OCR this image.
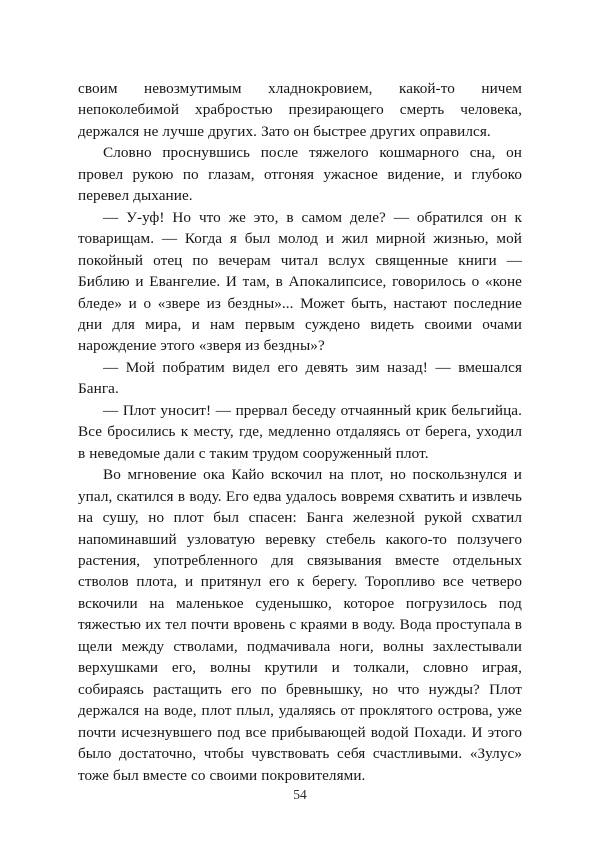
своим невозмутимым хладнокровием, какой-то ничем непоколебимой храбростью презирающего смерть человека, держался не лучше других. Зато он быстрее других оправился.

Словно проснувшись после тяжелого кошмарного сна, он провел рукою по глазам, отгоняя ужасное видение, и глубоко перевел дыхание.

— У-уф! Но что же это, в самом деле? — обратился он к товарищам. — Когда я был молод и жил мирной жизнью, мой покойный отец по вечерам читал вслух священные книги — Библию и Евангелие. И там, в Апокалипсисе, говорилось о «коне бледе» и о «звере из бездны»... Может быть, настают последние дни для мира, и нам первым суждено видеть своими очами нарождение этого «зверя из бездны»?

— Мой побратим видел его девять зим назад! — вмешался Банга.

— Плот уносит! — прервал беседу отчаянный крик бельгийца. Все бросились к месту, где, медленно отдаляясь от берега, уходил в неведомые дали с таким трудом сооруженный плот.

Во мгновение ока Кайо вскочил на плот, но поскользнулся и упал, скатился в воду. Его едва удалось вовремя схватить и извлечь на сушу, но плот был спасен: Банга железной рукой схватил напоминавший узловатую веревку стебель какого-то ползучего растения, употребленного для связывания вместе отдельных стволов плота, и притянул его к берегу. Торопливо все четверо вскочили на маленькое суденышко, которое погрузилось под тяжестью их тел почти вровень с краями в воду. Вода проступала в щели между стволами, подмачивала ноги, волны захлестывали верхушками его, волны крутили и толкали, словно играя, собираясь растащить его по бревнышку, но что нужды? Плот держался на воде, плот плыл, удаляясь от проклятого острова, уже почти исчезнувшего под все прибывающей водой Похади. И этого было достаточно, чтобы чувствовать себя счастливыми. «Зулус» тоже был вместе со своими покровителями.

54
